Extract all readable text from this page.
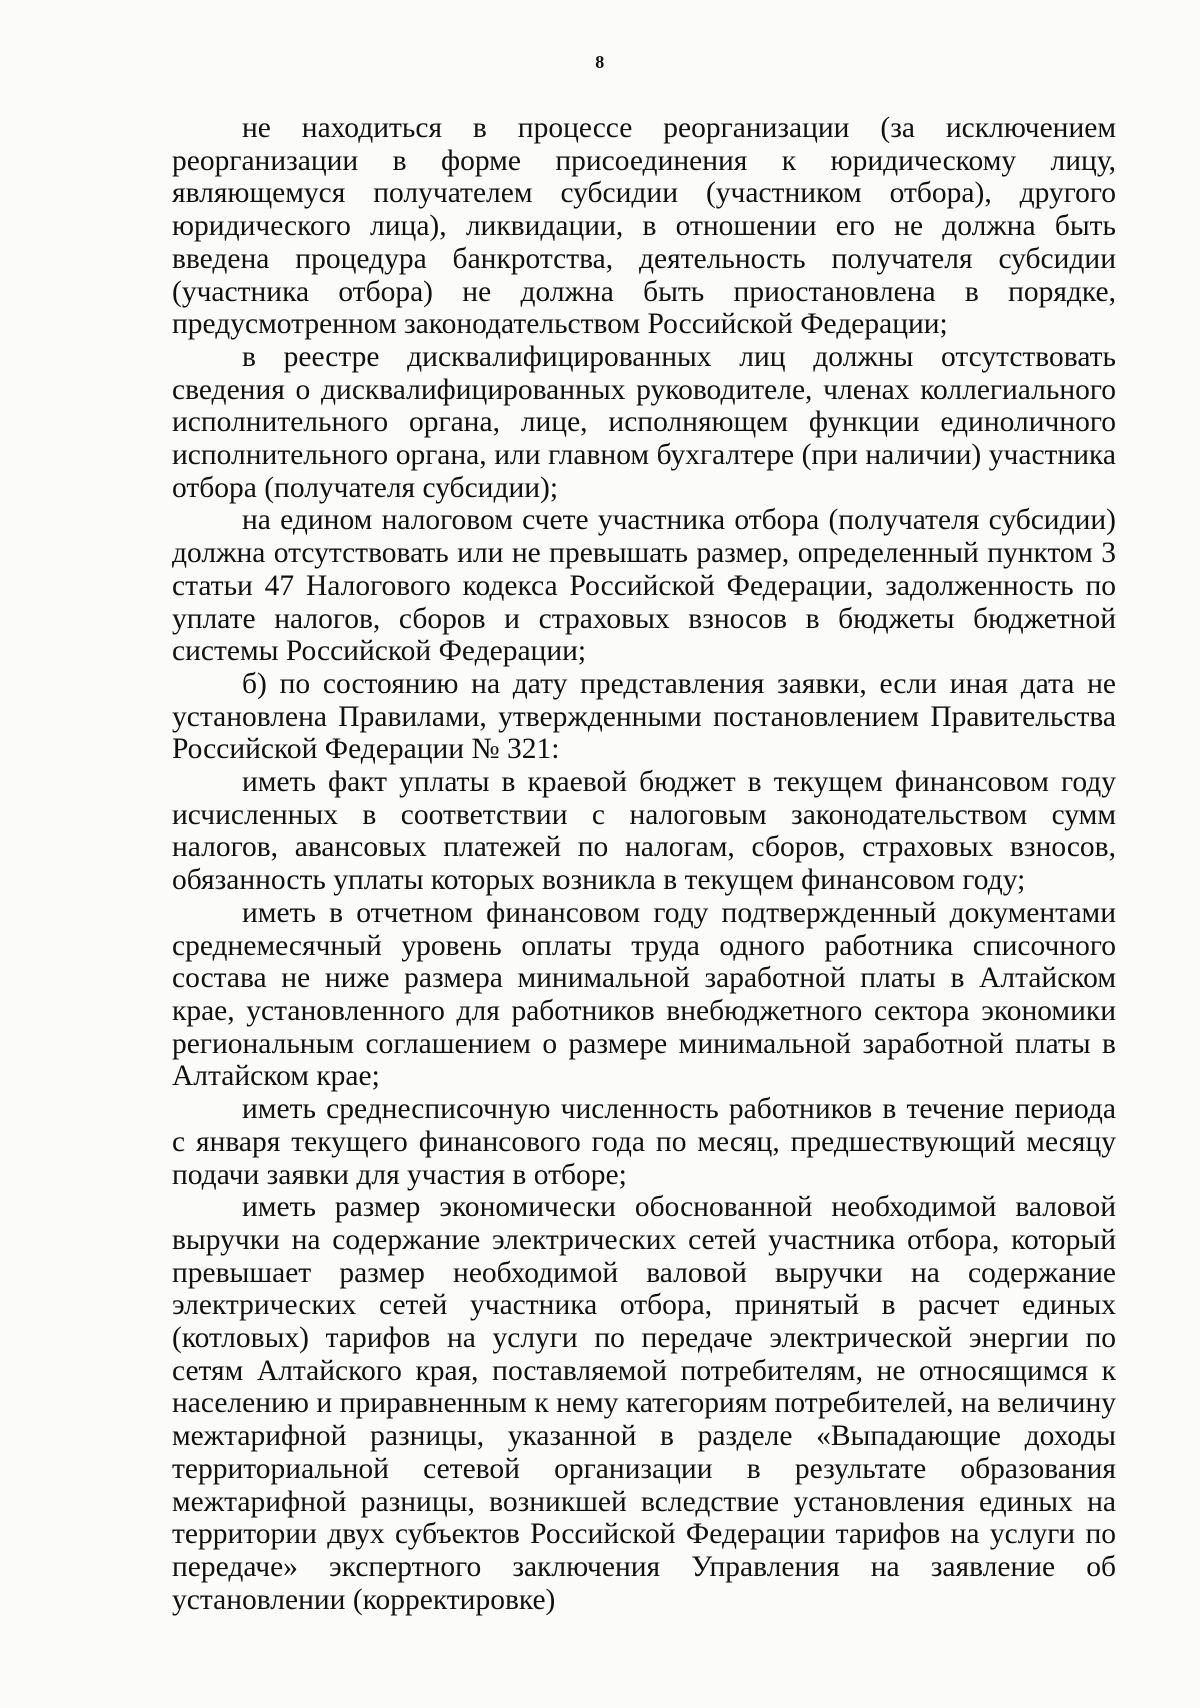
8

не находиться в процессе реорганизации (за исключением реорганизации в форме присоединения к юридическому лицу, являющемуся получателем субсидии (участником отбора), другого юридического лица), ликвидации, в отношении его не должна быть введена процедура банкротства, деятельность получателя субсидии (участника отбора) не должна быть приостановлена в порядке, предусмотренном законодательством Российской Федерации;

в реестре дисквалифицированных лиц должны отсутствовать сведения о дисквалифицированных руководителе, членах коллегиального исполнительного органа, лице, исполняющем функции единоличного исполнительного органа, или главном бухгалтере (при наличии) участника отбора (получателя субсидии);

на едином налоговом счете участника отбора (получателя субсидии) должна отсутствовать или не превышать размер, определенный пунктом 3 статьи 47 Налогового кодекса Российской Федерации, задолженность по уплате налогов, сборов и страховых взносов в бюджеты бюджетной системы Российской Федерации;

б) по состоянию на дату представления заявки, если иная дата не установлена Правилами, утвержденными постановлением Правительства Российской Федерации № 321:

иметь факт уплаты в краевой бюджет в текущем финансовом году исчисленных в соответствии с налоговым законодательством сумм налогов, авансовых платежей по налогам, сборов, страховых взносов, обязанность уплаты которых возникла в текущем финансовом году;

иметь в отчетном финансовом году подтвержденный документами среднемесячный уровень оплаты труда одного работника списочного состава не ниже размера минимальной заработной платы в Алтайском крае, установленного для работников внебюджетного сектора экономики региональным соглашением о размере минимальной заработной платы в Алтайском крае;

иметь среднесписочную численность работников в течение периода с января текущего финансового года по месяц, предшествующий месяцу подачи заявки для участия в отборе;

иметь размер экономически обоснованной необходимой валовой выручки на содержание электрических сетей участника отбора, который превышает размер необходимой валовой выручки на содержание электрических сетей участника отбора, принятый в расчет единых (котловых) тарифов на услуги по передаче электрической энергии по сетям Алтайского края, поставляемой потребителям, не относящимся к населению и приравненным к нему категориям потребителей, на величину межтарифной разницы, указанной в разделе «Выпадающие доходы территориальной сетевой организации в результате образования межтарифной разницы, возникшей вследствие установления единых на территории двух субъектов Российской Федерации тарифов на услуги по передаче» экспертного заключения Управления на заявление об установлении (корректировке)
